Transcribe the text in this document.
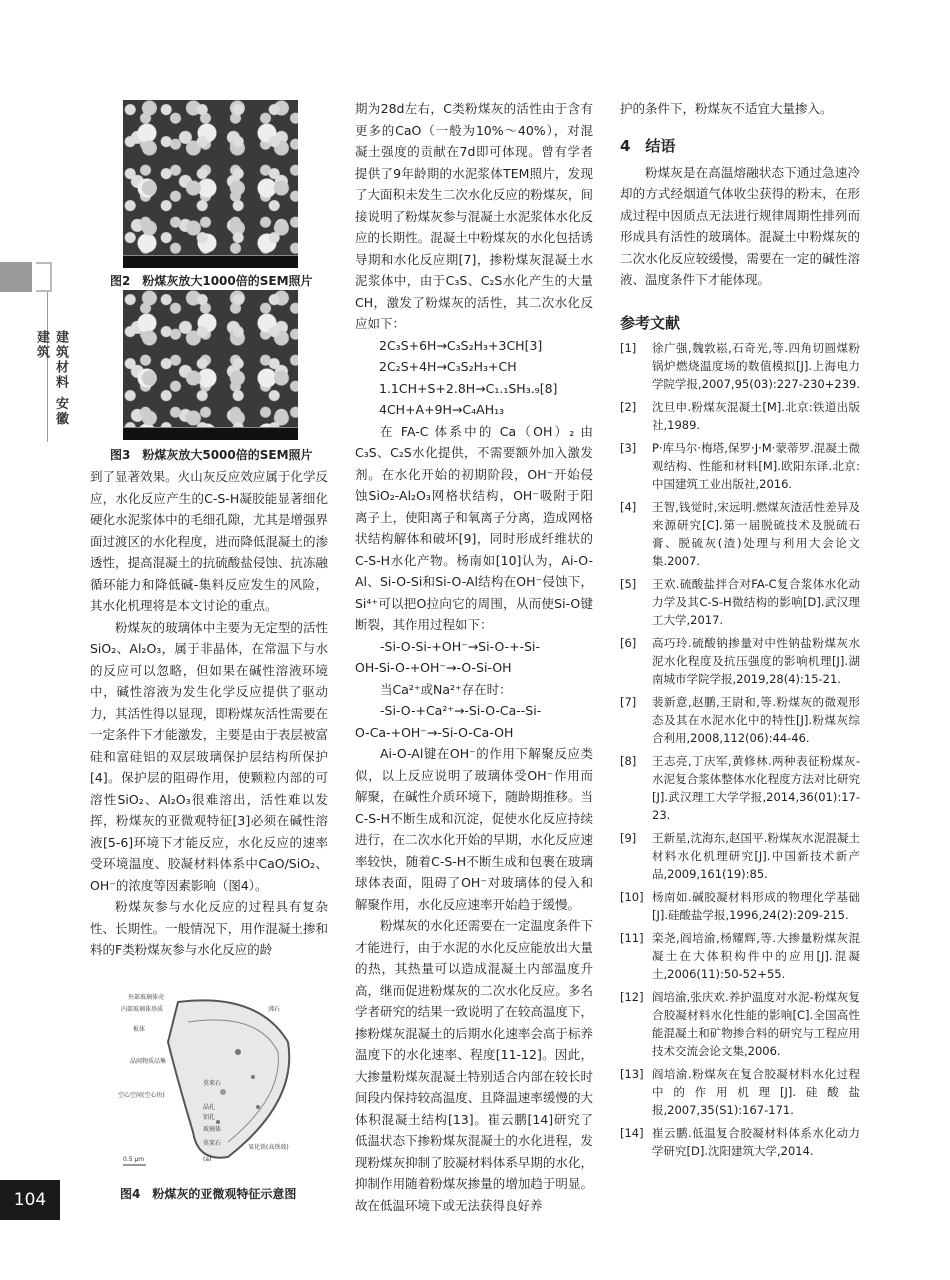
建筑材料 安徽建筑
图2　粉煤灰放大1000倍的SEM照片
图3　粉煤灰放大5000倍的SEM照片

到了显著效果。火山灰反应效应属于化学反应，水化反应产生的C-S-H凝胶能显著细化硬化水泥浆体中的毛细孔隙，尤其是增强界面过渡区的水化程度，进而降低混凝土的渗透性，提高混凝土的抗硫酸盐侵蚀、抗冻融循环能力和降低碱-集料反应发生的风险，其水化机理将是本文讨论的重点。

粉煤灰的玻璃体中主要为无定型的活性SiO₂、Al₂O₃，属于非晶体，在常温下与水的反应可以忽略，但如果在碱性溶液环境中，碱性溶液为发生化学反应提供了驱动力，其活性得以显现，即粉煤灰活性需要在一定条件下才能激发，主要是由于表层被富硅和富硅铝的双层玻璃保护层结构所保护[4]。保护层的阻碍作用，使颗粒内部的可溶性SiO₂、Al₂O₃很难溶出，活性难以发挥，粉煤灰的亚微观特征[3]必须在碱性溶液[5-6]环境下才能反应，水化反应的速率受环境温度、胶凝材料体系中CaO/SiO₂、OH⁻的浓度等因素影响（图4）。

粉煤灰参与水化反应的过程具有复杂性、长期性。一般情况下，用作混凝土掺和料的F类粉煤灰参与水化反应的龄

外部玻璃体壳
内部玻璃体基质
板体
沸石
晶间物质品集
空心空间(空心块)
莫来石
晶孔
铝孔
玻璃体
莫来石
氧化铁(高铁玻)
0.5 μm	(a)
图4　粉煤灰的亚微观特征示意图

期为28d左右，C类粉煤灰的活性由于含有更多的CaO（一般为10%～40%），对混凝土强度的贡献在7d即可体现。曾有学者提供了9年龄期的水泥浆体TEM照片，发现了大面积未发生二次水化反应的粉煤灰，间接说明了粉煤灰参与混凝土水泥浆体水化反应的长期性。混凝土中粉煤灰的水化包括诱导期和水化反应期[7]，掺粉煤灰混凝土水泥浆体中，由于C₃S、C₂S水化产生的大量CH，激发了粉煤灰的活性，其二次水化反应如下：

2C₃S+6H→C₃S₂H₃+3CH[3]

2C₂S+4H→C₃S₂H₃+CH

1.1CH+S+2.8H→C₁.₁SH₃.₉[8]

4CH+A+9H→C₄AH₁₃

在 FA-C 体系中的 Ca（OH）₂ 由C₃S、C₂S水化提供，不需要额外加入激发剂。在水化开始的初期阶段，OH⁻开始侵蚀SiO₂-Al₂O₃网格状结构，OH⁻吸附于阳离子上，使阳离子和氧离子分离，造成网格状结构解体和破坏[9]，同时形成纤维状的C-S-H水化产物。杨南如[10]认为，Ai-O-Al、Si-O-Si和Si-O-Al结构在OH⁻侵蚀下，Si⁴⁺可以把O拉向它的周围，从而使Si-O键断裂，其作用过程如下：

-Si-O-Si-+OH⁻→Si-O-+-Si-

OH-Si-O-+OH⁻→-O-Si-OH

当Ca²⁺或Na²⁺存在时：

-Si-O-+Ca²⁺→-Si-O-Ca--Si-

O-Ca-+OH⁻→-Si-O-Ca-OH

Ai-O-Al键在OH⁻的作用下解聚反应类似，以上反应说明了玻璃体受OH⁻作用而解聚，在碱性介质环境下，随龄期推移。当C-S-H不断生成和沉淀，促使水化反应持续进行，在二次水化开始的早期，水化反应速率较快，随着C-S-H不断生成和包裹在玻璃球体表面，阻碍了OH⁻对玻璃体的侵入和解聚作用，水化反应速率开始趋于缓慢。

粉煤灰的水化还需要在一定温度条件下才能进行，由于水泥的水化反应能放出大量的热，其热量可以造成混凝土内部温度升高，继而促进粉煤灰的二次水化反应。多名学者研究的结果一致说明了在较高温度下，掺粉煤灰混凝土的后期水化速率会高于标养温度下的水化速率、程度[11-12]。因此，大掺量粉煤灰混凝土特别适合内部在较长时间段内保持较高温度、且降温速率缓慢的大体积混凝土结构[13]。崔云鹏[14]研究了低温状态下掺粉煤灰混凝土的水化进程，发现粉煤灰抑制了胶凝材料体系早期的水化，抑制作用随着粉煤灰掺量的增加趋于明显。故在低温环境下或无法获得良好养

护的条件下，粉煤灰不适宜大量掺入。

4　结语

粉煤灰是在高温熔融状态下通过急速冷却的方式经烟道气体收尘获得的粉末，在形成过程中因质点无法进行规律周期性排列而形成具有活性的玻璃体。混凝土中粉煤灰的二次水化反应较缓慢，需要在一定的碱性溶液、温度条件下才能体现。

参考文献
[1]	徐广强,魏敦崧,石奇光,等.四角切圆煤粉锅炉燃烧温度场的数值模拟[J].上海电力学院学报,2007,95(03):227-230+239.
[2]	沈旦申.粉煤灰混凝土[M].北京:铁道出版社,1989.
[3]	P·库马尔·梅塔,保罗·J·M·蒙蒂罗.混凝土微观结构、性能和材料[M].欧阳东译.北京:中国建筑工业出版社,2016.
[4]	王智,钱觉时,宋远明.燃煤灰渣活性差异及来源研究[C].第一届脱硫技术及脱硫石膏、脱硫灰(渣)处理与利用大会论文集.2007.
[5]	王欢.硫酸盐拌合对FA-C复合浆体水化动力学及其C-S-H微结构的影响[D].武汉理工大学,2017.
[6]	高巧玲.硫酸钠掺量对中性钠盐粉煤灰水泥水化程度及抗压强度的影响机理[J].湖南城市学院学报,2019,28(4):15-21.
[7]	裴新意,赵鹏,王尉和,等.粉煤灰的微观形态及其在水泥水化中的特性[J].粉煤灰综合利用,2008,112(06):44-46.
[8]	王志亮,丁庆军,黄修林.两种表征粉煤灰-水泥复合浆体整体水化程度方法对比研究[J].武汉理工大学学报,2014,36(01):17-23.
[9]	王新星,沈海东,赵国平.粉煤灰水泥混凝土材料水化机理研究[J].中国新技术新产品,2009,161(19):85.
[10] 杨南如.碱胶凝材料形成的物理化学基础[J].硅酸盐学报,1996,24(2):209-215.
[11] 栾尧,阎培渝,杨耀辉,等.大掺量粉煤灰混凝土在大体积构件中的应用[J].混凝土,2006(11):50-52+55.
[12] 阎培渝,张庆欢.养护温度对水泥-粉煤灰复合胶凝材料水化性能的影响[C].全国高性能混凝土和矿物掺合料的研究与工程应用技术交流会论文集,2006.
[13] 阎培渝.粉煤灰在复合胶凝材料水化过程中的作用机理[J].硅酸盐报,2007,35(S1):167-171.
[14] 崔云鹏.低温复合胶凝材料体系水化动力学研究[D].沈阳建筑大学,2014.
104
